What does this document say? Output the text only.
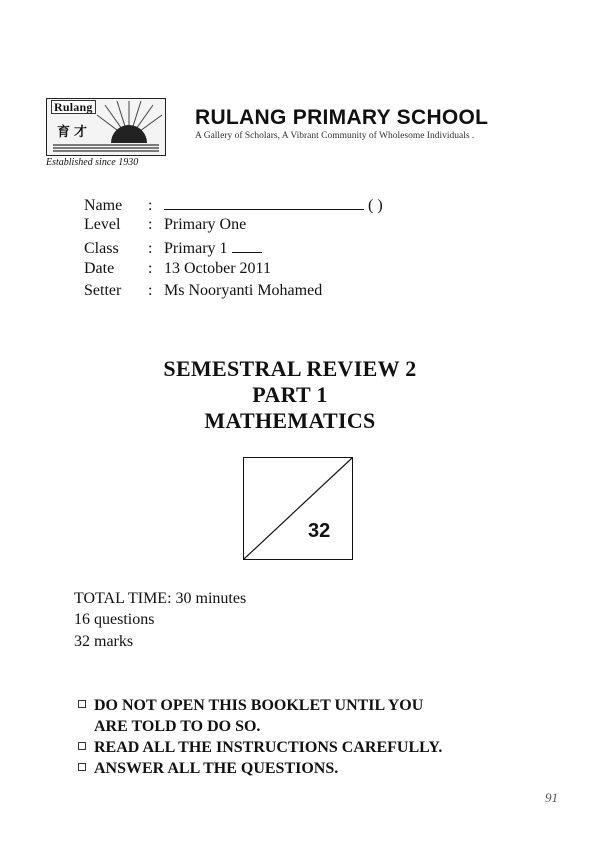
Rulang
育才
Established since 1930
RULANG PRIMARY SCHOOL
A Gallery of Scholars, A Vibrant Community of Wholesome Individuals .
Name :	( )
Level : Primary One
Class : Primary 1
Date : 13 October 2011
Setter : Ms Nooryanti Mohamed
SEMESTRAL REVIEW 2
PART 1
MATHEMATICS
32
TOTAL TIME: 30 minutes
16 questions
32 marks
DO NOT OPEN THIS BOOKLET UNTIL YOU
ARE TOLD TO DO SO.
READ ALL THE INSTRUCTIONS CAREFULLY.
ANSWER ALL THE QUESTIONS.
91
